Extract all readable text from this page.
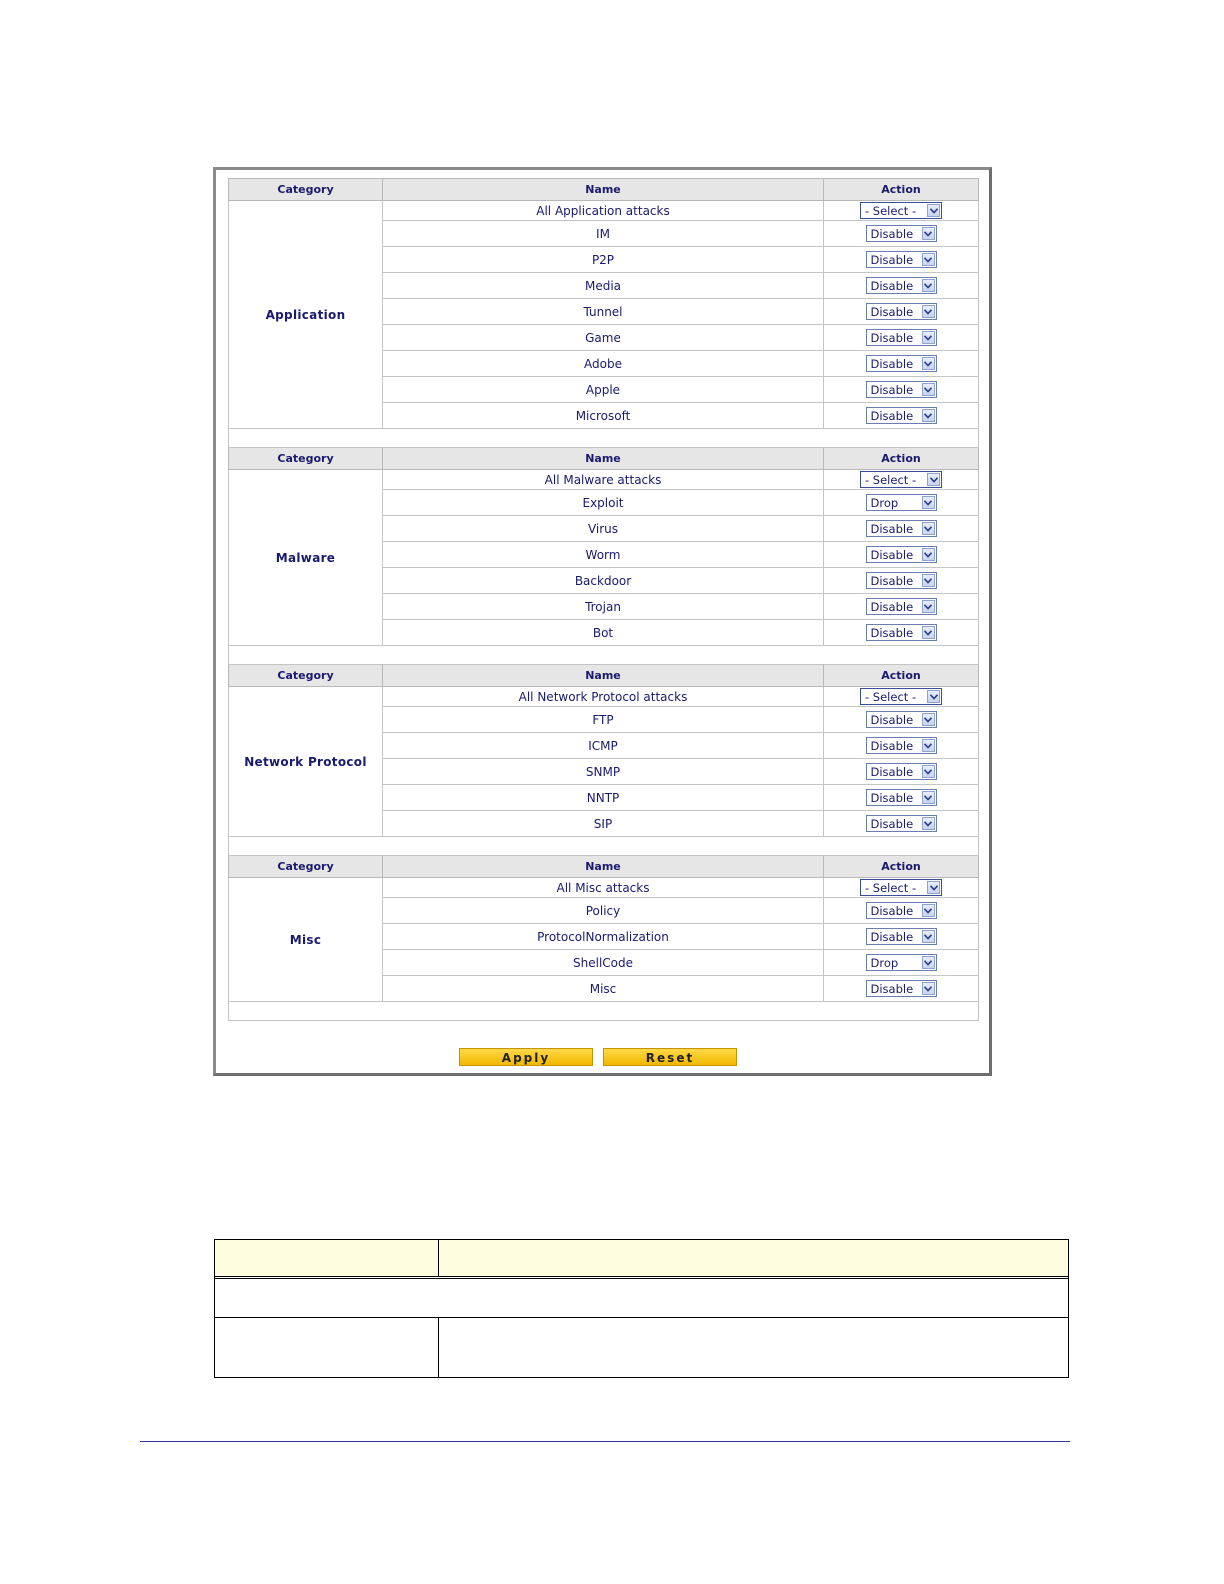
Category	Name	Action
Application	All Application attacks	- Select -

	IM	Disable

	P2P	Disable

	Media	Disable

	Tunnel	Disable

	Game	Disable

	Adobe	Disable

	Apple	Disable

	Microsoft	Disable

Category	Name	Action
Malware	All Malware attacks	- Select -

	Exploit	Drop

	Virus	Disable

	Worm	Disable

	Backdoor	Disable

	Trojan	Disable

	Bot	Disable

Category	Name	Action
Network Protocol	All Network Protocol attacks	- Select -

	FTP	Disable

	ICMP	Disable

	SNMP	Disable

	NNTP	Disable

	SIP	Disable

Category	Name	Action
Misc	All Misc attacks	- Select -

	Policy	Disable

	ProtocolNormalization	Disable

	ShellCode	Drop

	Misc	Disable

Apply	Reset
